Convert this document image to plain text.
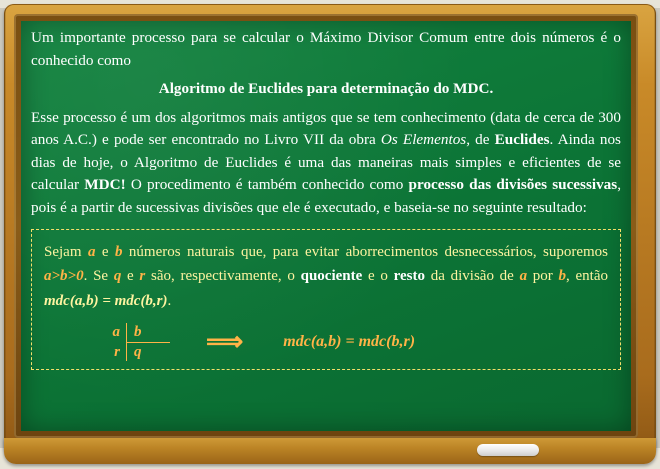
Um importante processo para se calcular o Máximo Divisor Comum entre dois números é o conhecido como

Algoritmo de Euclides para determinação do MDC.

Esse processo é um dos algoritmos mais antigos que se tem conhecimento (data de cerca de 300 anos A.C.) e pode ser encontrado no Livro VII da obra Os Elementos, de Euclides. Ainda nos dias de hoje, o Algoritmo de Euclides é uma das maneiras mais simples e eficientes de se calcular MDC! O procedimento é também conhecido como processo das divisões sucessivas, pois é a partir de sucessivas divisões que ele é executado, e baseia-se no seguinte resultado:

Sejam a e b números naturais que, para evitar aborrecimentos desnecessários, suporemos a>b>0. Se q e r são, respectivamente, o quociente e o resto da divisão de a por b, então mdc(a,b) = mdc(b,r).

a b
r q	⟹	mdc(a,b) = mdc(b,r)
